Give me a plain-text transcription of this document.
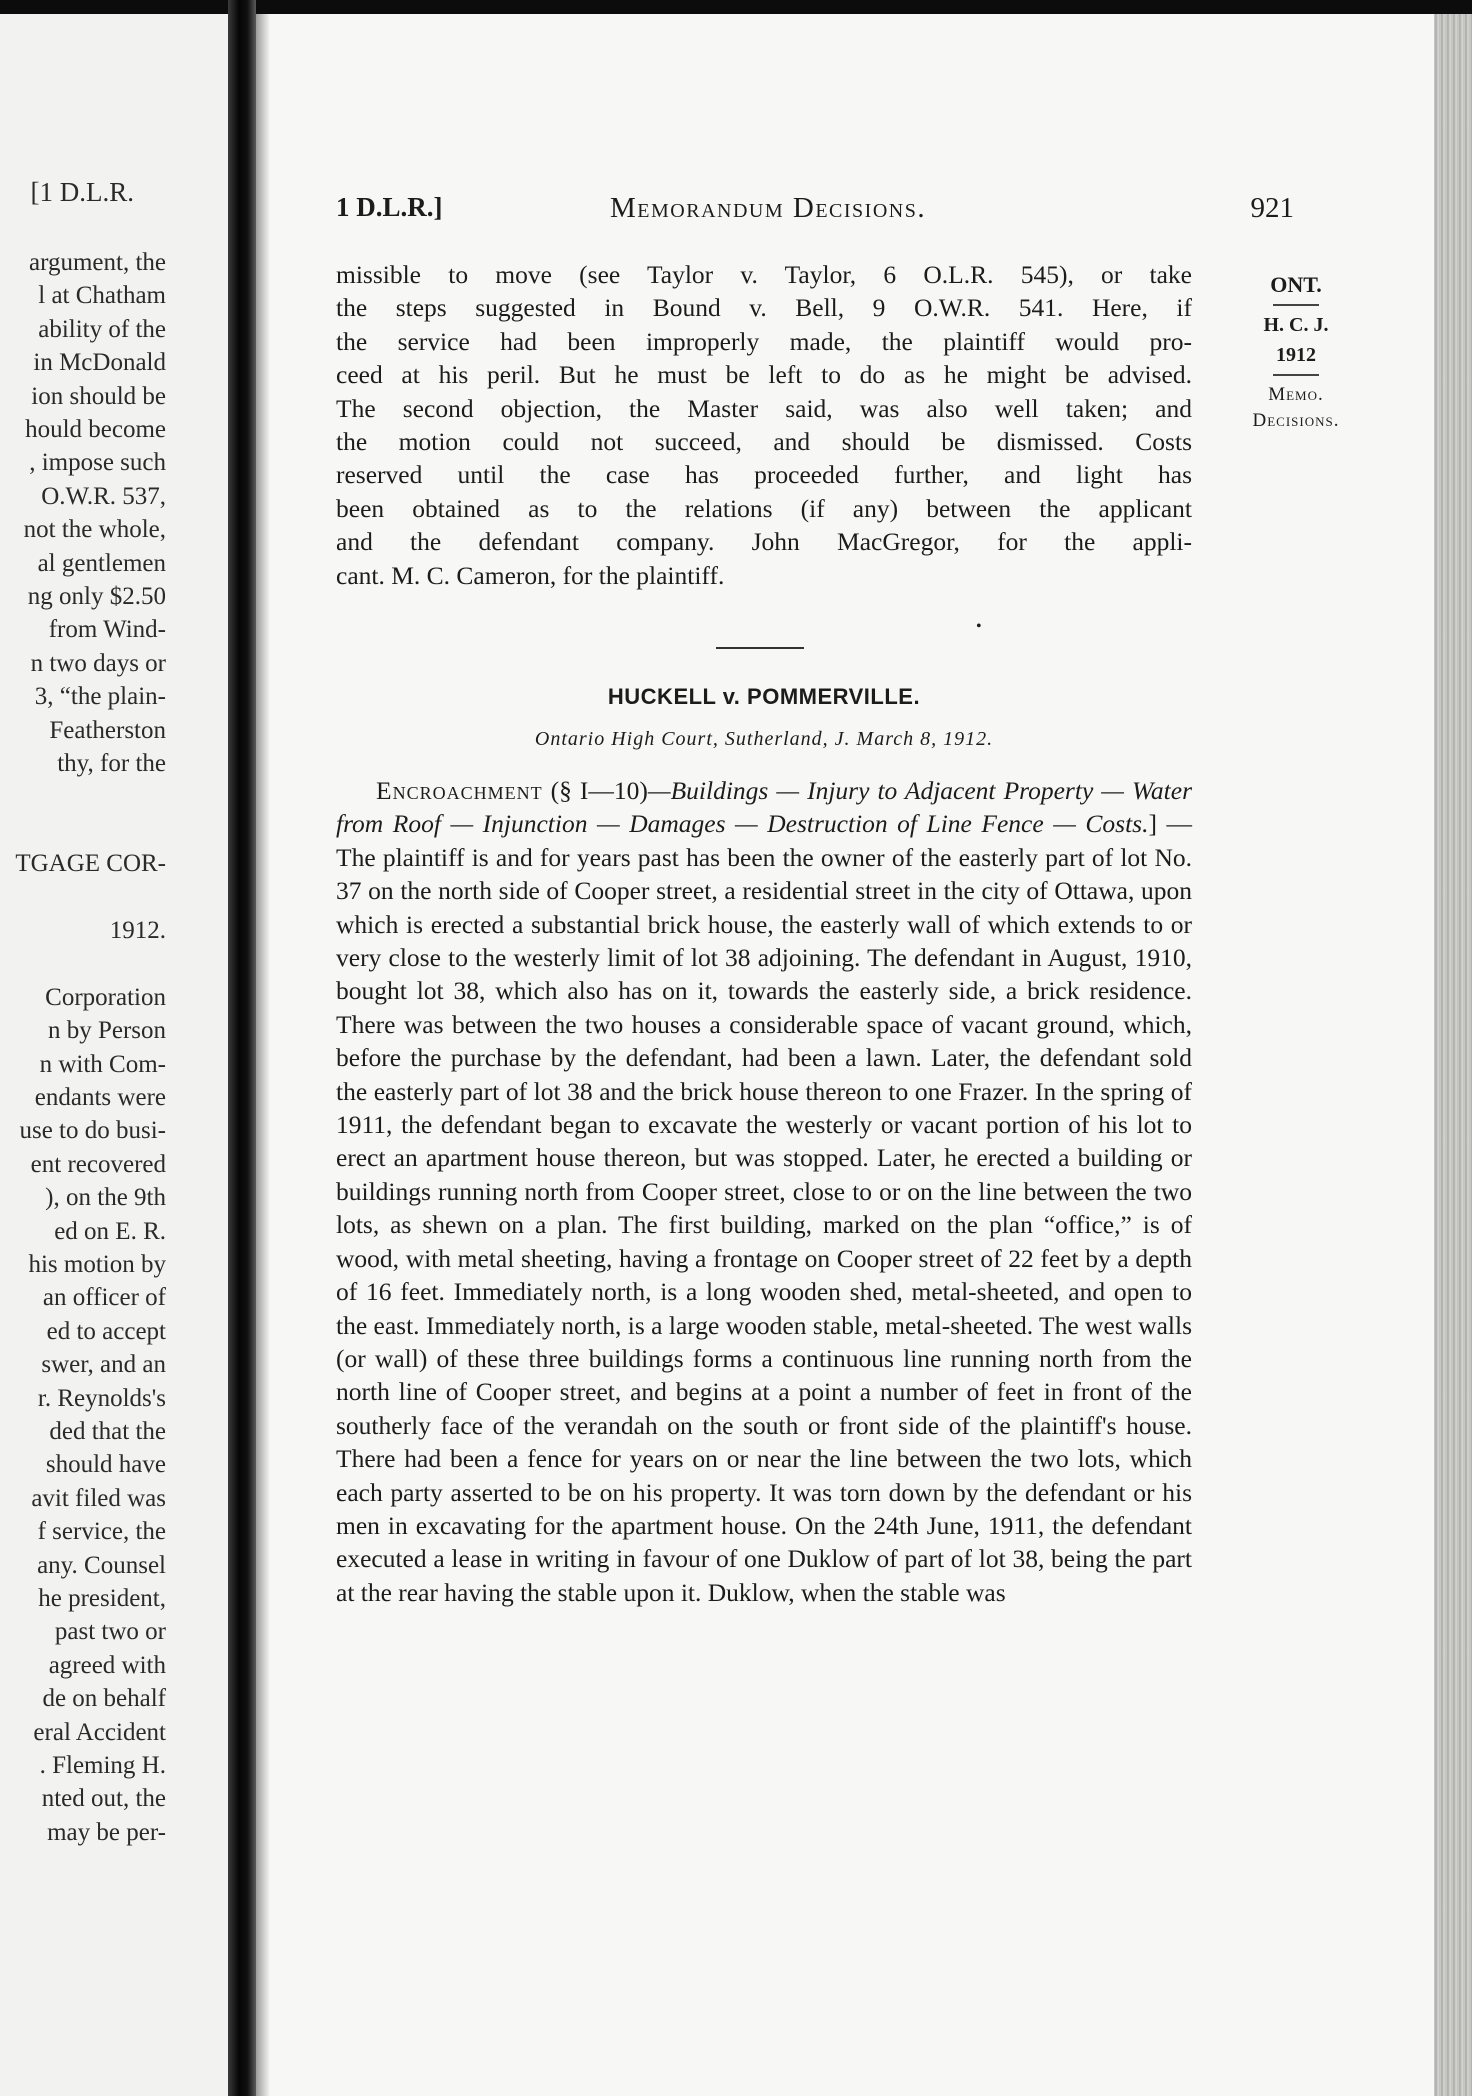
[1 D.L.R.
argument, the
l at Chatham
ability of the
in McDonald
ion should be
hould become
, impose such
O.W.R. 537,
not the whole,
al gentlemen
ng only $2.50
from Wind-
n two days or
3, “the plain-
Featherston
thy, for the
TGAGE COR-
1912.
Corporation
n by Person
n with Com-
endants were
use to do busi-
ent recovered
), on the 9th
ed on E. R.
his motion by
an officer of
ed to accept
swer, and an
r. Reynolds's
ded that the
should have
avit filed was
f service, the
any. Counsel
he president,
past two or
agreed with
de on behalf
eral Accident
. Fleming H.
nted out, the
may be per-
1 D.L.R.]	Memorandum Decisions.	921
ONT.
H. C. J.
1912
Memo.
Decisions.

missible to move (see Taylor v. Taylor, 6 O.L.R. 545), or take

the steps suggested in Bound v. Bell, 9 O.W.R. 541. Here, if

the service had been improperly made, the plaintiff would pro-

ceed at his peril. But he must be left to do as he might be advised.

The second objection, the Master said, was also well taken; and

the motion could not succeed, and should be dismissed. Costs

reserved until the case has proceeded further, and light has

been obtained as to the relations (if any) between the applicant

and the defendant company. John MacGregor, for the appli-

cant. M. C. Cameron, for the plaintiff.

•
HUCKELL v. POMMERVILLE.
Ontario High Court, Sutherland, J. March 8, 1912.

Encroachment (§ I—10)—Buildings — Injury to Adjacent Property — Water from Roof — Injunction — Damages — Destruction of Line Fence — Costs.] — The plaintiff is and for years past has been the owner of the easterly part of lot No. 37 on the north side of Cooper street, a residential street in the city of Ottawa, upon which is erected a substantial brick house, the easterly wall of which extends to or very close to the westerly limit of lot 38 adjoining. The defendant in August, 1910, bought lot 38, which also has on it, towards the easterly side, a brick residence. There was between the two houses a considerable space of vacant ground, which, before the purchase by the defendant, had been a lawn. Later, the defendant sold the easterly part of lot 38 and the brick house thereon to one Frazer. In the spring of 1911, the defendant began to excavate the westerly or vacant portion of his lot to erect an apartment house thereon, but was stopped. Later, he erected a building or buildings running north from Cooper street, close to or on the line between the two lots, as shewn on a plan. The first building, marked on the plan “office,” is of wood, with metal sheeting, having a frontage on Cooper street of 22 feet by a depth of 16 feet. Immediately north, is a long wooden shed, metal-sheeted, and open to the east. Immediately north, is a large wooden stable, metal-sheeted. The west walls (or wall) of these three buildings forms a continuous line running north from the north line of Cooper street, and begins at a point a number of feet in front of the southerly face of the verandah on the south or front side of the plaintiff's house. There had been a fence for years on or near the line between the two lots, which each party asserted to be on his property. It was torn down by the defendant or his men in excavating for the apartment house. On the 24th June, 1911, the defendant executed a lease in writing in favour of one Duklow of part of lot 38, being the part at the rear having the stable upon it. Duklow, when the stable was
